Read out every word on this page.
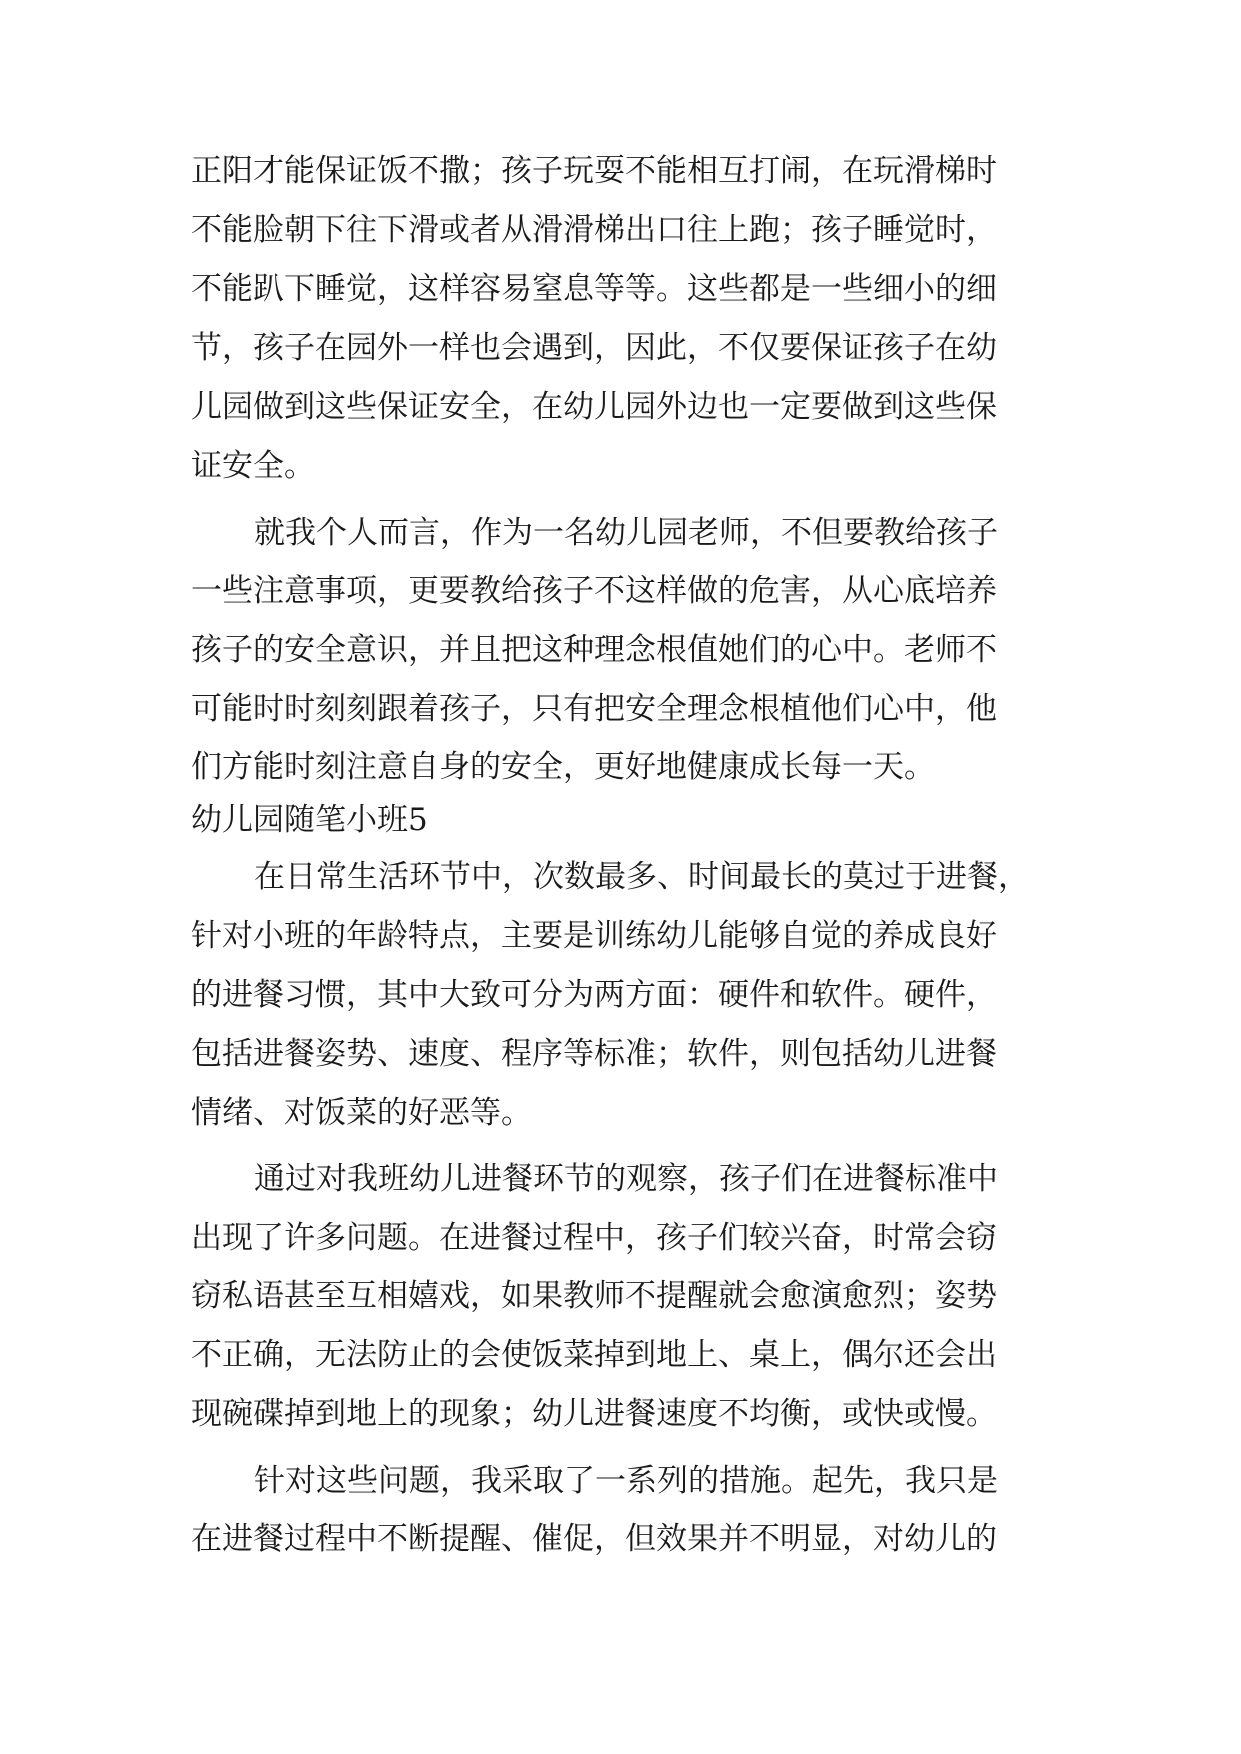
正阳才能保证饭不撒；孩子玩耍不能相互打闹，在玩滑梯时
不能脸朝下往下滑或者从滑滑梯出口往上跑；孩子睡觉时，
不能趴下睡觉，这样容易窒息等等。这些都是一些细小的细
节，孩子在园外一样也会遇到，因此，不仅要保证孩子在幼
儿园做到这些保证安全，在幼儿园外边也一定要做到这些保
证安全。
就我个人而言，作为一名幼儿园老师，不但要教给孩子
一些注意事项，更要教给孩子不这样做的危害，从心底培养
孩子的安全意识，并且把这种理念根值她们的心中。老师不
可能时时刻刻跟着孩子，只有把安全理念根植他们心中，他
们方能时刻注意自身的安全，更好地健康成长每一天。
幼儿园随笔小班5
在日常生活环节中，次数最多、时间最长的莫过于进餐，
针对小班的年龄特点，主要是训练幼儿能够自觉的养成良好
的进餐习惯，其中大致可分为两方面：硬件和软件。硬件，
包括进餐姿势、速度、程序等标准；软件，则包括幼儿进餐
情绪、对饭菜的好恶等。
通过对我班幼儿进餐环节的观察，孩子们在进餐标准中
出现了许多问题。在进餐过程中，孩子们较兴奋，时常会窃
窃私语甚至互相嬉戏，如果教师不提醒就会愈演愈烈；姿势
不正确，无法防止的会使饭菜掉到地上、桌上，偶尔还会出
现碗碟掉到地上的现象；幼儿进餐速度不均衡，或快或慢。
针对这些问题，我采取了一系列的措施。起先，我只是
在进餐过程中不断提醒、催促，但效果并不明显，对幼儿的
